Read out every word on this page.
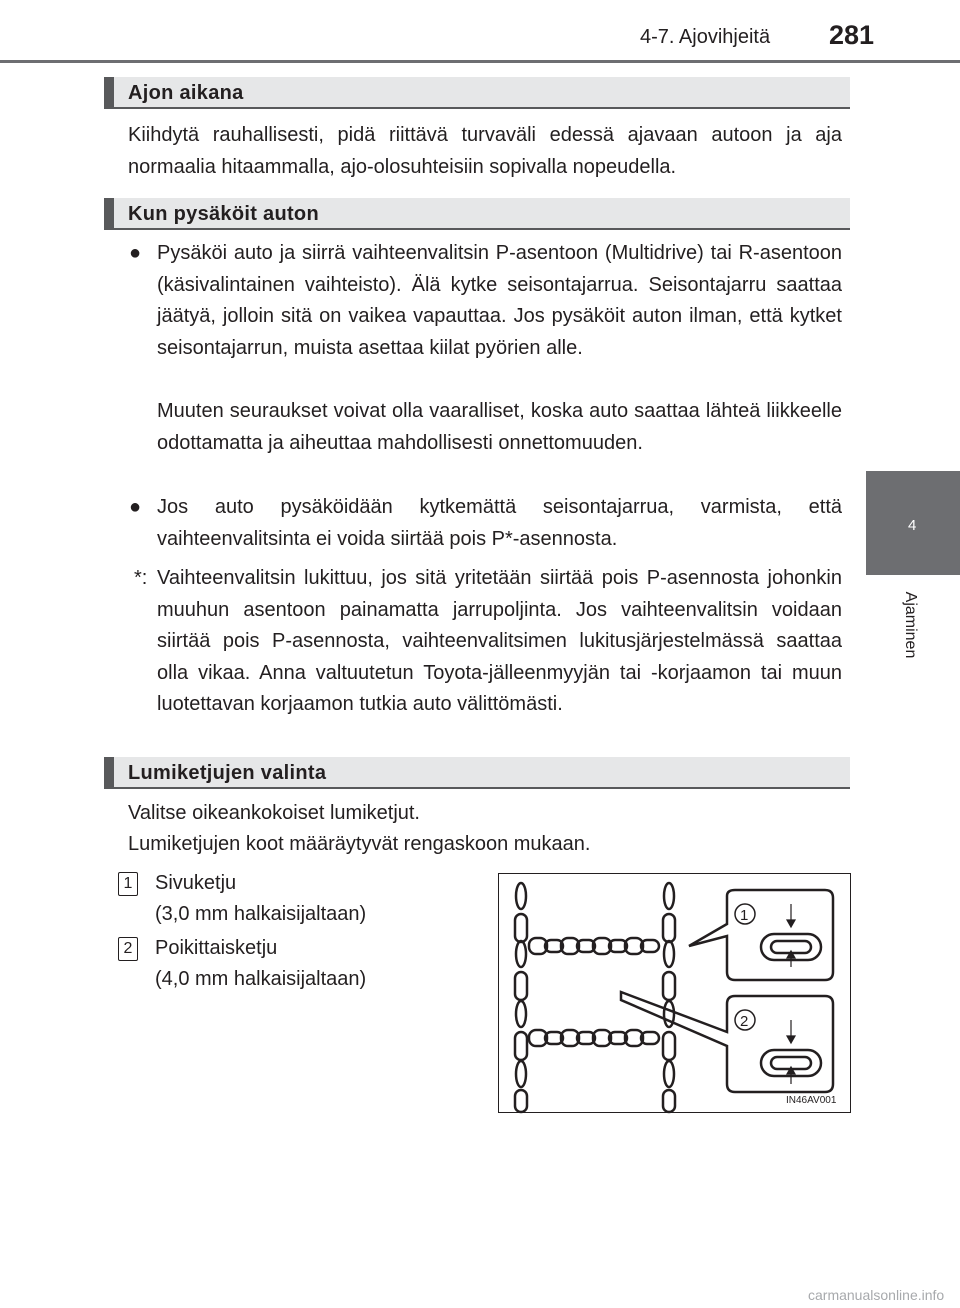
4-7. Ajovihjeitä 281
4
Ajaminen
Ajon aikana
Kiihdytä rauhallisesti, pidä riittävä turvaväli edessä ajavaan autoon ja aja normaalia hitaammalla, ajo-olosuhteisiin sopivalla nopeudella.
Kun pysäköit auton
● Pysäköi auto ja siirrä vaihteenvalitsin P-asentoon (Multidrive) tai R-asentoon (käsivalintainen vaihteisto). Älä kytke seisontajarrua. Seisontajarru saattaa jäätyä, jolloin sitä on vaikea vapauttaa. Jos pysäköit auton ilman, että kytket seisontajarrun, muista asettaa kiilat pyörien alle.
Muuten seuraukset voivat olla vaaralliset, koska auto saattaa lähteä liikkeelle odottamatta ja aiheuttaa mahdollisesti onnettomuuden.
● Jos auto pysäköidään kytkemättä seisontajarrua, varmista, että vaihteenvalitsinta ei voida siirtää pois P*-asennosta.
*: Vaihteenvalitsin lukittuu, jos sitä yritetään siirtää pois P-asennosta johonkin muuhun asentoon painamatta jarrupoljinta. Jos vaihteenvalitsin voidaan siirtää pois P-asennosta, vaihteenvalitsimen lukitusjärjestelmässä saattaa olla vikaa. Anna valtuutetun Toyota-jälleenmyyjän tai -korjaamon tai muun luotettavan korjaamon tutkia auto välittömästi.
Lumiketjujen valinta
Valitse oikeankokoiset lumiketjut.
Lumiketjujen koot määräytyvät rengaskoon mukaan.
1 Sivuketju
(3,0 mm halkaisijaltaan)
2 Poikittaisketju
(4,0 mm halkaisijaltaan)
1
2
IN46AV001
carmanualsonline.info
